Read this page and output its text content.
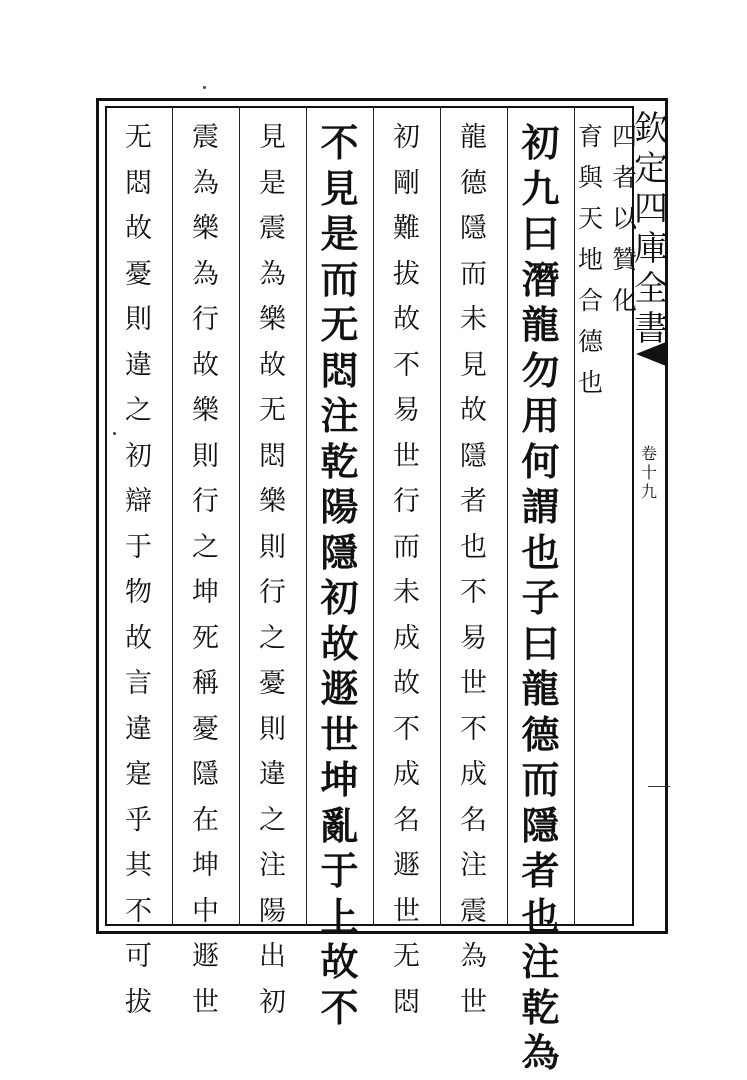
欽
定
四
庫
全
書
卷
十
九
初
九
曰
潛
龍
勿
用
何
謂
也
子
曰
龍
德
而
隱
者
也
注
乾
為
四
者
以
贊
化
育
與
天
地
合
德
也
龍
德
隱
而
未
見
故
隱
者
也
不
易
世
不
成
名
注
震
為
世
初
剛
難
拔
故
不
易
世
行
而
未
成
故
不
成
名
遯
世
无
悶
不
見
是
而
无
悶
注
乾
陽
隱
初
故
遯
世
坤
亂
于
上
故
不
見
是
震
為
樂
故
无
悶
樂
則
行
之
憂
則
違
之
注
陽
出
初
震
為
樂
為
行
故
樂
則
行
之
坤
死
稱
憂
隱
在
坤
中
遯
世
无
悶
故
憂
則
違
之
初
辯
于
物
故
言
違
寔
乎
其
不
可
拔
